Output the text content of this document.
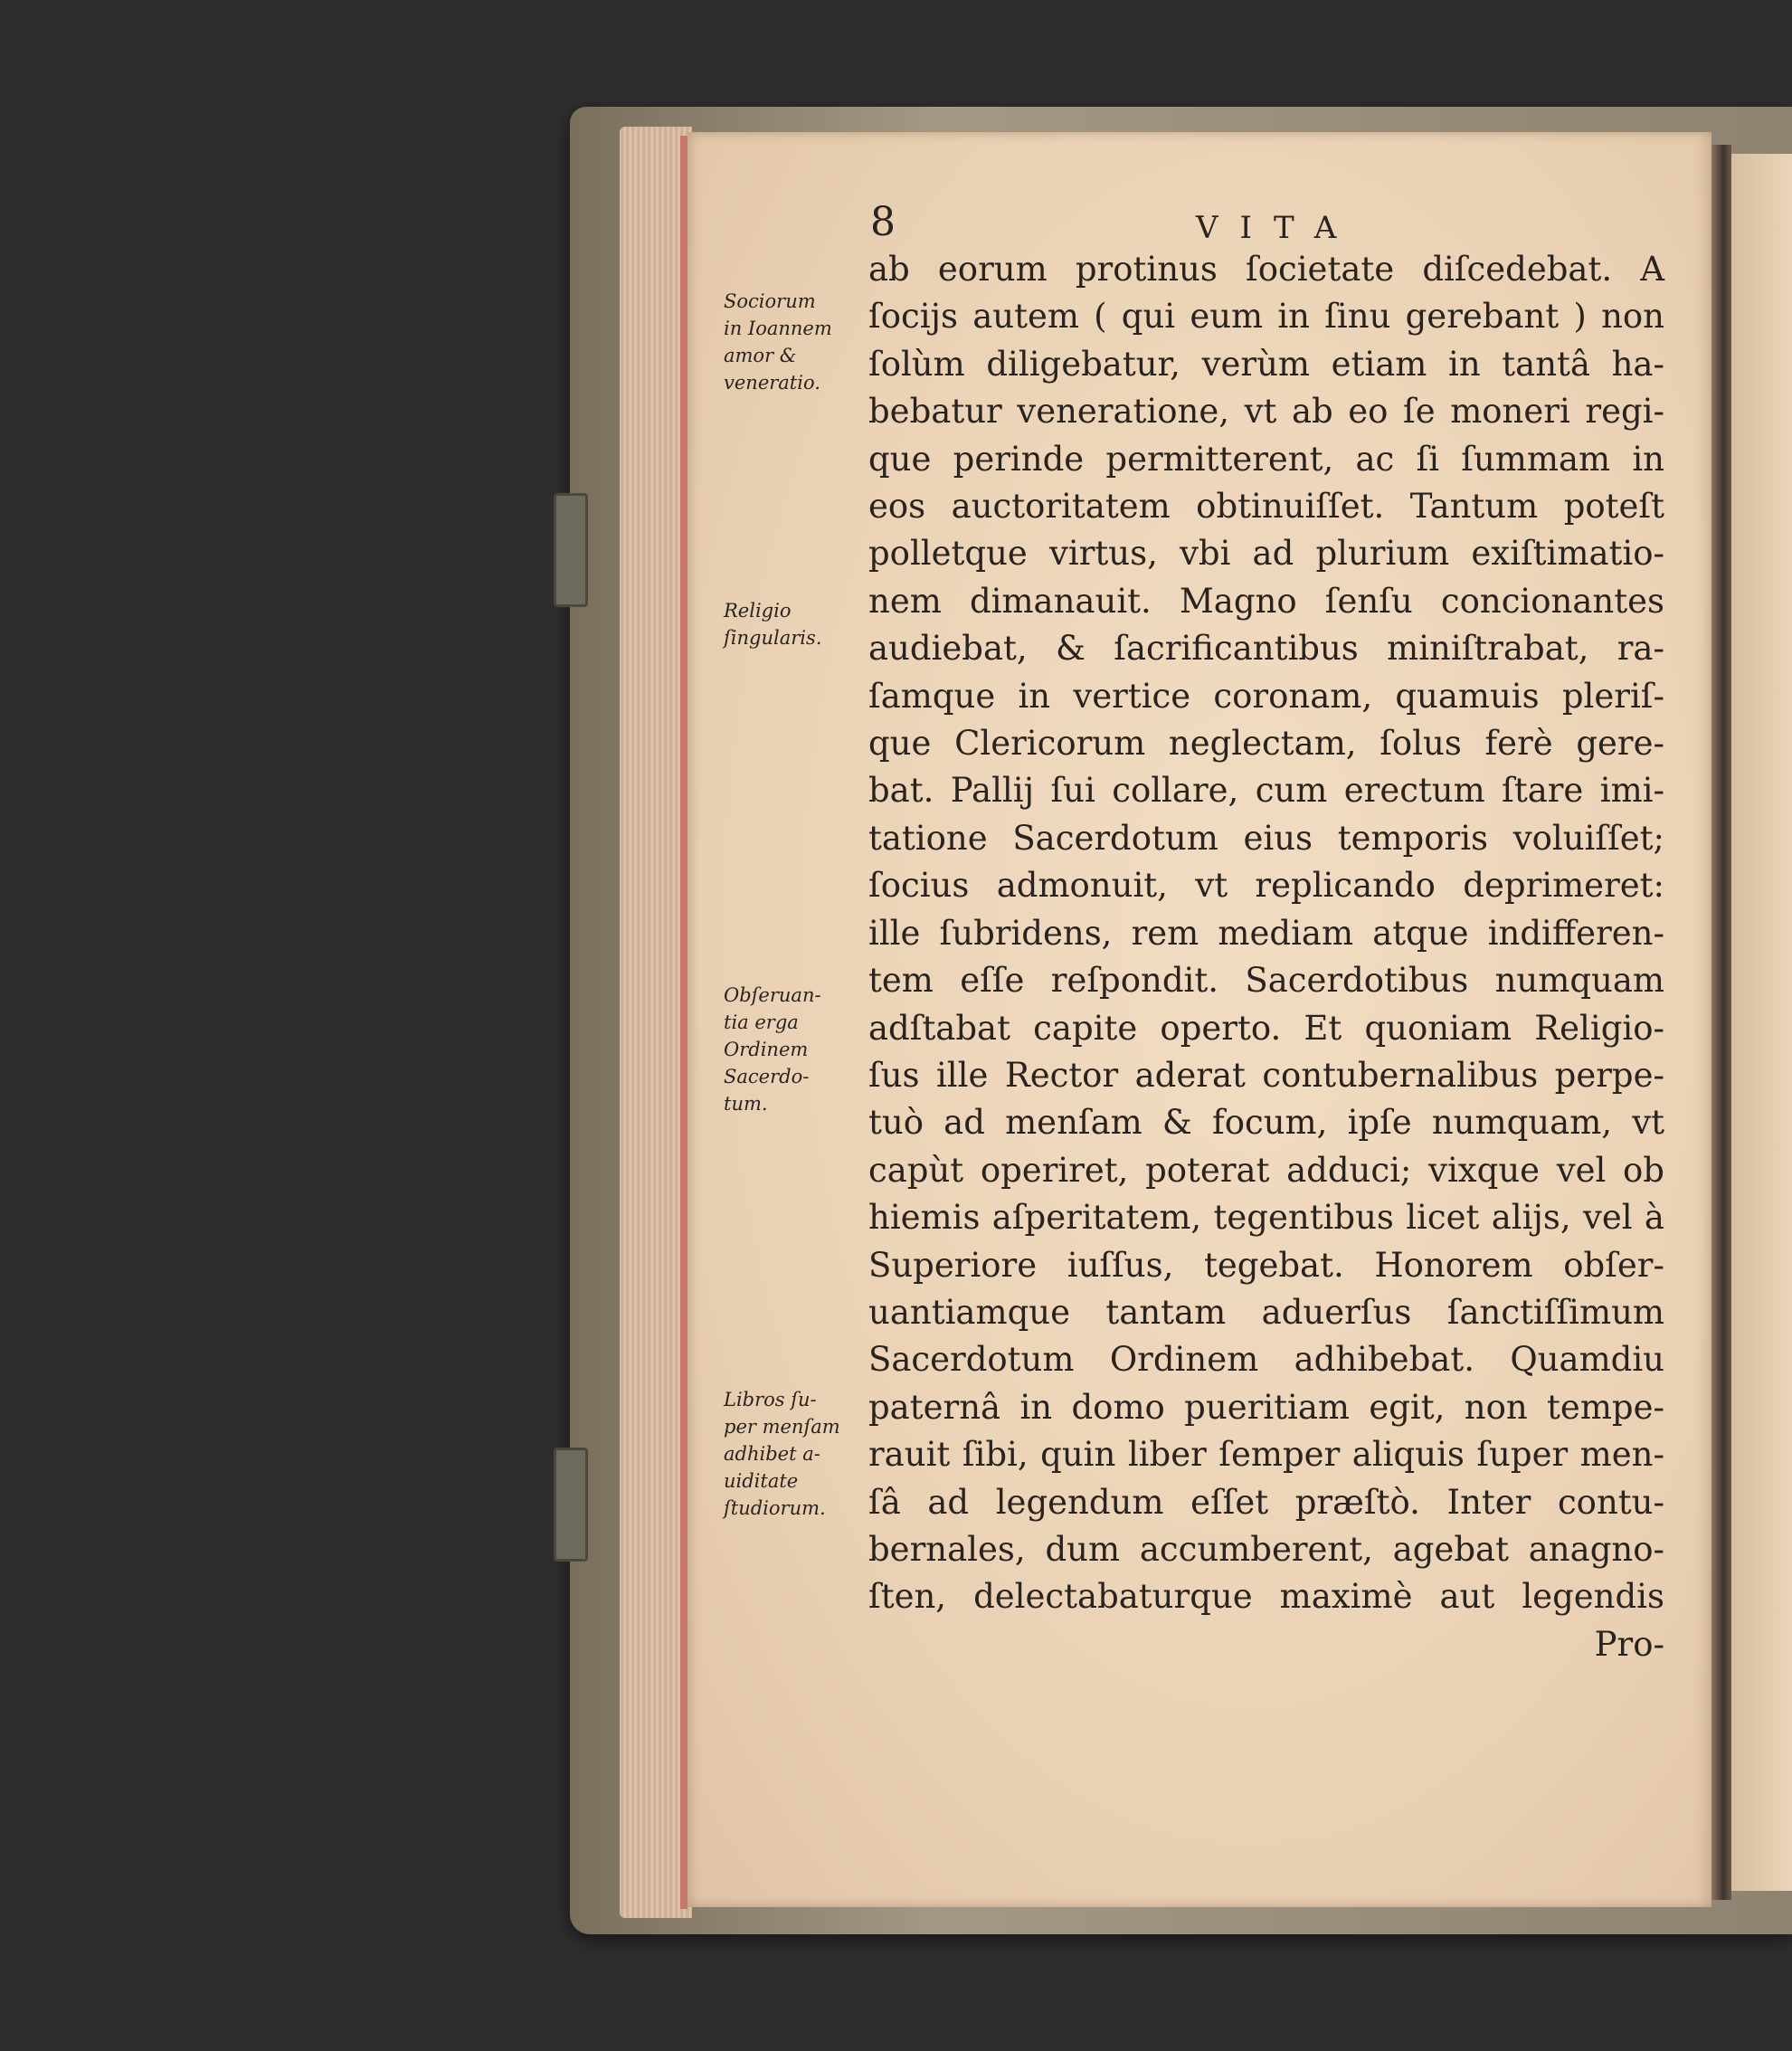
8	VITA
ab eorum protinus ſocietate diſcedebat. A
ſocijs autem ( qui eum in ſinu gerebant ) non
ſolùm diligebatur, verùm etiam in tantâ ha-
bebatur veneratione, vt ab eo ſe moneri regi-
que perinde permitterent, ac ſi ſummam in
eos auctoritatem obtinuiſſet. Tantum poteſt
polletque virtus, vbi ad plurium exiſtimatio-
nem dimanauit. Magno ſenſu concionantes
audiebat, & ſacrificantibus miniſtrabat, ra-
ſamque in vertice coronam, quamuis pleriſ-
que Clericorum neglectam, ſolus ferè gere-
bat. Pallij ſui collare, cum erectum ſtare imi-
tatione Sacerdotum eius temporis voluiſſet;
ſocius admonuit, vt replicando deprimeret:
ille ſubridens, rem mediam atque indifferen-
tem eſſe reſpondit. Sacerdotibus numquam
adſtabat capite operto. Et quoniam Religio-
ſus ille Rector aderat contubernalibus perpe-
tuò ad menſam & focum, ipſe numquam, vt
capùt operiret, poterat adduci; vixque vel ob
hiemis aſperitatem, tegentibus licet alijs, vel à
Superiore iuſſus, tegebat. Honorem obſer-
uantiamque tantam aduerſus ſanctiſſimum
Sacerdotum Ordinem adhibebat. Quamdiu
paternâ in domo pueritiam egit, non tempe-
rauit ſibi, quin liber ſemper aliquis ſuper men-
ſâ ad legendum eſſet præſtò. Inter contu-
bernales, dum accumberent, agebat anagno-
ſten, delectabaturque maximè aut legendis
Pro-
Sociorum
in Ioannem
amor &
veneratio.
Religio
ſingularis.
Obſeruan-
tia erga
Ordinem
Sacerdo-
tum.
Libros ſu-
per menſam
adhibet a-
uiditate
ſtudiorum.
